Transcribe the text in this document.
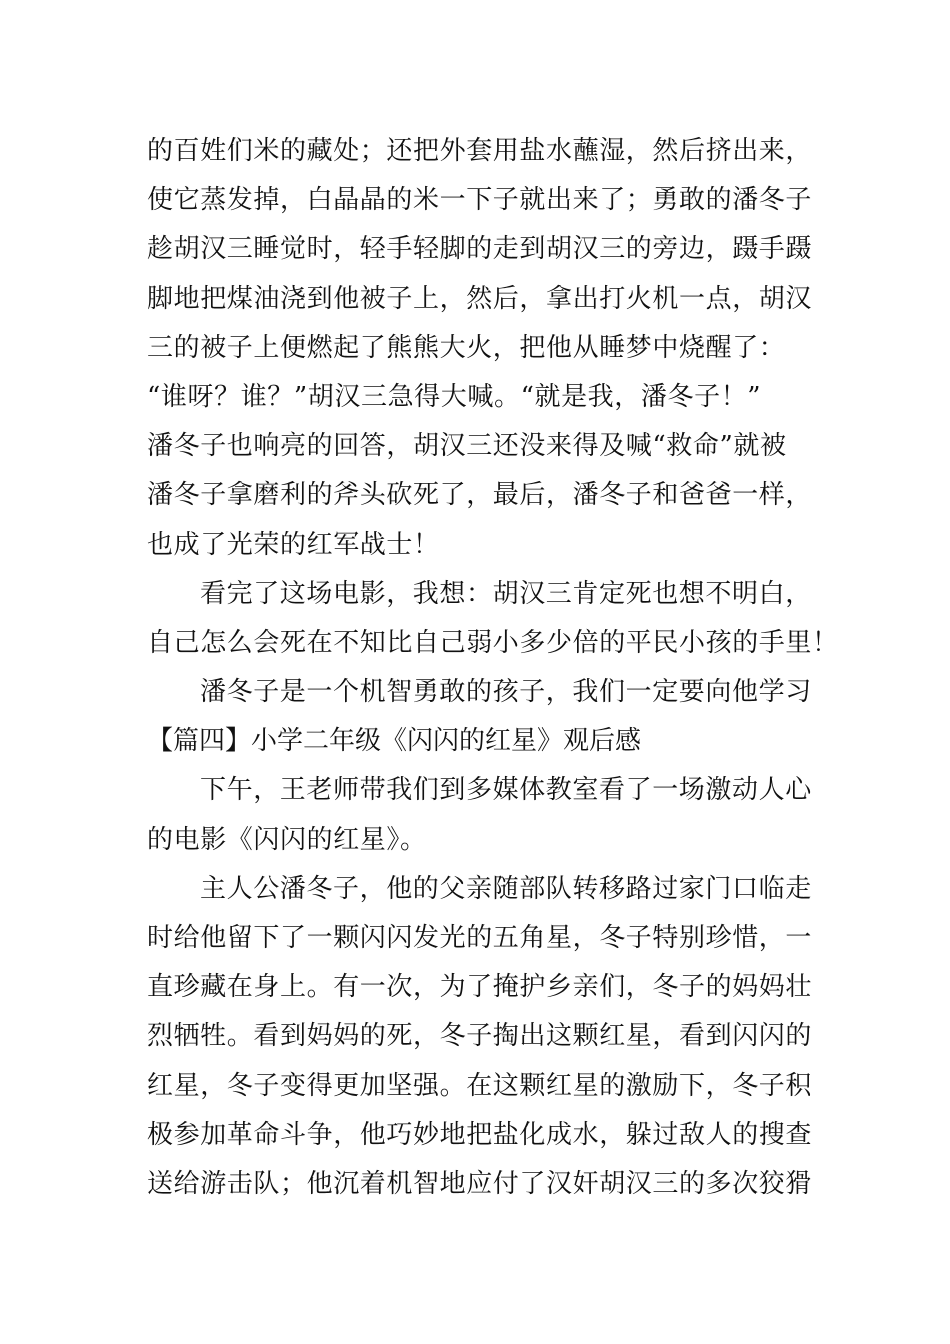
的百姓们米的藏处；还把外套用盐水蘸湿，然后挤出来，
使它蒸发掉，白晶晶的米一下子就出来了；勇敢的潘冬子
趁胡汉三睡觉时，轻手轻脚的走到胡汉三的旁边，蹑手蹑
脚地把煤油浇到他被子上，然后，拿出打火机一点，胡汉
三的被子上便燃起了熊熊大火，把他从睡梦中烧醒了：
“谁呀？谁？”胡汉三急得大喊。“就是我，潘冬子！”
潘冬子也响亮的回答，胡汉三还没来得及喊“救命”就被
潘冬子拿磨利的斧头砍死了，最后，潘冬子和爸爸一样，
也成了光荣的红军战士！
看完了这场电影，我想：胡汉三肯定死也想不明白，
自己怎么会死在不知比自己弱小多少倍的平民小孩的手里！
潘冬子是一个机智勇敢的孩子，我们一定要向他学习
【篇四】小学二年级《闪闪的红星》观后感
下午，王老师带我们到多媒体教室看了一场激动人心
的电影《闪闪的红星》。
主人公潘冬子，他的父亲随部队转移路过家门口临走
时给他留下了一颗闪闪发光的五角星，冬子特别珍惜，一
直珍藏在身上。有一次，为了掩护乡亲们，冬子的妈妈壮
烈牺牲。看到妈妈的死，冬子掏出这颗红星，看到闪闪的
红星，冬子变得更加坚强。在这颗红星的激励下，冬子积
极参加革命斗争，他巧妙地把盐化成水，躲过敌人的搜查
送给游击队；他沉着机智地应付了汉奸胡汉三的多次狡猾
